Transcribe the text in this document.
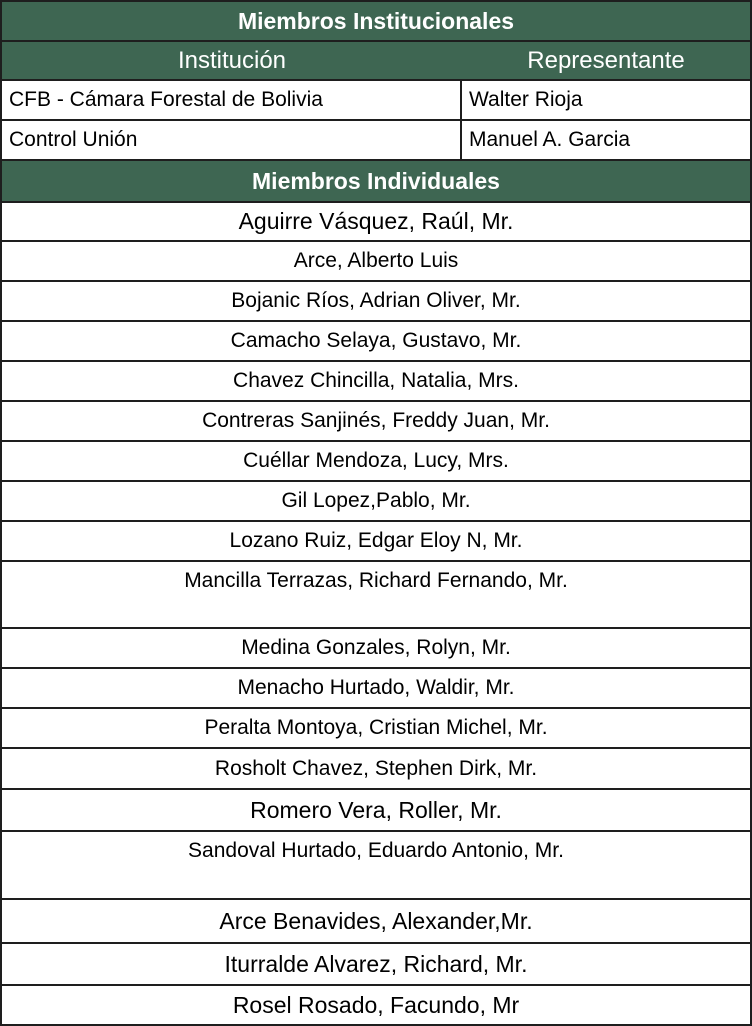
Miembros Institucionales
Institución	Representante
CFB - Cámara Forestal de Bolivia	Walter Rioja
Control Unión	Manuel A. Garcia
Miembros Individuales
Aguirre Vásquez, Raúl, Mr.
Arce, Alberto Luis
Bojanic Ríos, Adrian Oliver, Mr.
Camacho Selaya, Gustavo, Mr.
Chavez Chincilla, Natalia, Mrs.
Contreras Sanjinés, Freddy Juan, Mr.
Cuéllar Mendoza, Lucy, Mrs.
Gil Lopez,Pablo, Mr.
Lozano Ruiz, Edgar Eloy N, Mr.
Mancilla Terrazas, Richard Fernando, Mr.
Medina Gonzales, Rolyn, Mr.
Menacho Hurtado, Waldir, Mr.
Peralta Montoya, Cristian Michel, Mr.
Rosholt Chavez, Stephen Dirk, Mr.
Romero Vera, Roller, Mr.
Sandoval Hurtado, Eduardo Antonio, Mr.
Arce Benavides, Alexander,Mr.
Iturralde Alvarez, Richard, Mr.
Rosel Rosado, Facundo, Mr
